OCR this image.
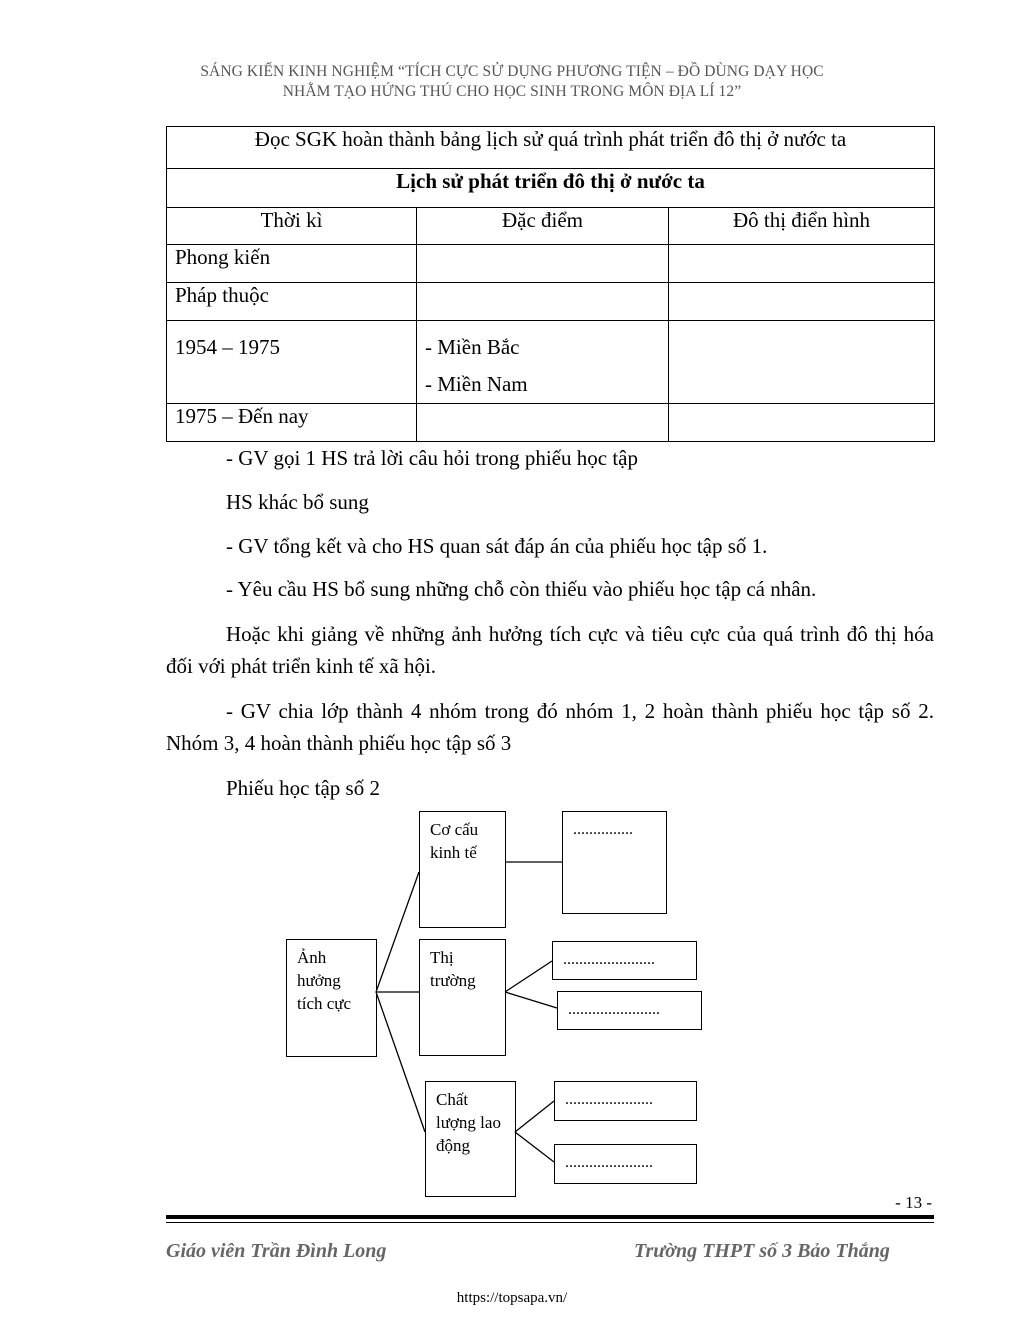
SÁNG KIẾN KINH NGHIỆM “TÍCH CỰC SỬ DỤNG PHƯƠNG TIỆN – ĐỒ DÙNG DẠY HỌC
NHẰM TẠO HỨNG THÚ CHO HỌC SINH TRONG MÔN ĐỊA LÍ 12”
Đọc SGK hoàn thành bảng lịch sử quá trình phát triển đô thị ở nước ta		
Lịch sử phát triển đô thị ở nước ta		
Thời kì	Đặc điểm	Đô thị điển hình
Phong kiến		
Pháp thuộc		

1954 – 1975	- Miền Bắc
- Miền Nam	

1975 – Đến nay		
- GV gọi 1 HS trả lời câu hỏi trong phiếu học tập
HS khác bổ sung
- GV tổng kết và cho HS quan sát đáp án của phiếu học tập số 1.
- Yêu cầu HS bổ sung những chỗ còn thiếu vào phiếu học tập cá nhân.
Hoặc khi giảng về những ảnh hưởng tích cực và tiêu cực của quá trình đô thị hóa đối với phát triển kinh tế xã hội.
- GV chia lớp thành 4 nhóm trong đó nhóm 1, 2 hoàn thành phiếu học tập số 2. Nhóm 3, 4 hoàn thành phiếu học tập số 3
Phiếu học tập số 2
Ảnh hưởng tích cực
Cơ cấu kinh tế
Thị trường
Chất lượng lao động
...............
.......................
.......................
......................
......................
- 13 -
Giáo viên Trần Đình Long	Trường THPT số 3 Bảo Thắng
https://topsapa.vn/
